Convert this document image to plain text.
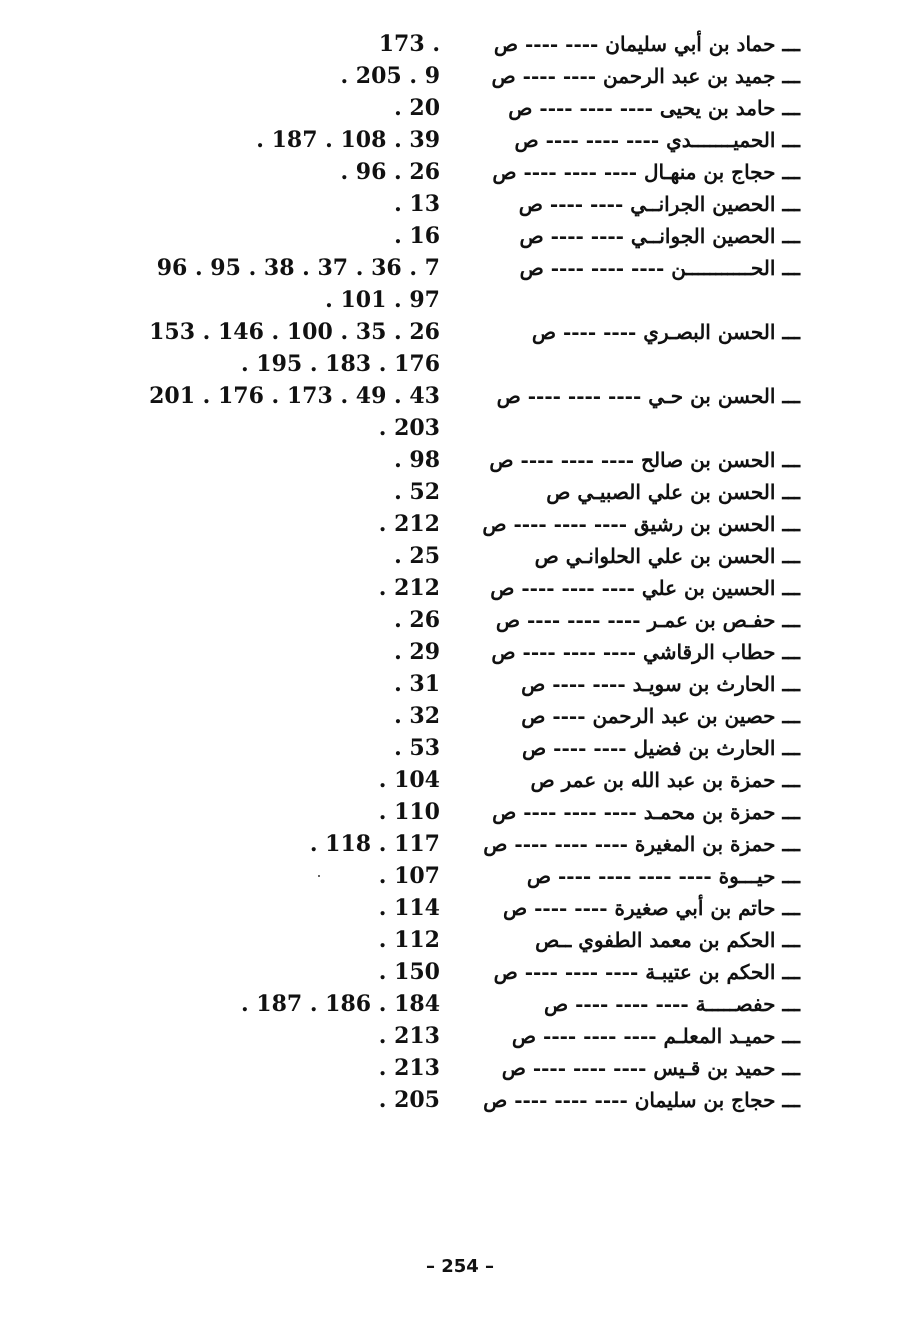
173 .	ـــ حماد بن أبي سليمان ---- ---- ص
. 205 . 9	ـــ جميد بن عبد الرحمن ---- ---- ص
. 20	ـــ حامد بن يحيى ---- ---- ---- ص
. 187 . 108 . 39	ـــ الحميـــــــدي ---- ---- ---- ص
. 96 . 26	ـــ حجاج بن منهـال ---- ---- ---- ص
. 13	ـــ الحصين الجرانــي ---- ---- ص
. 16	ـــ الحصين الجوانــي ---- ---- ص
96 . 95 . 38 . 37 . 36 . 7	ـــ الحـــــــــــن ---- ---- ---- ص
. 101 . 97
153 . 146 . 100 . 35 . 26	ـــ الحسن البصـري ---- ---- ص
. 195 . 183 . 176
201 . 176 . 173 . 49 . 43	ـــ الحسن بن حـي ---- ---- ---- ص
. 203
. 98	ـــ الحسن بن صالح ---- ---- ---- ص
. 52	ـــ الحسن بن علي الصبيـي ص
. 212	ـــ الحسن بن رشيق ---- ---- ---- ص
. 25	ـــ الحسن بن علي الحلوانـي ص
. 212	ـــ الحسين بن علي ---- ---- ---- ص
. 26	ـــ حفـص بن عمـر ---- ---- ---- ص
. 29	ـــ حطاب الرقاشي ---- ---- ---- ص
. 31	ـــ الحارث بن سويـد ---- ---- ص
. 32	ـــ حصين بن عبد الرحمن ---- ص
. 53	ـــ الحارث بن فضيل ---- ---- ص
. 104	ـــ حمزة بن عبد الله بن عمر ص
. 110	ـــ حمزة بن محمـد ---- ---- ---- ص
. 118 . 117	ـــ حمزة بن المغيرة ---- ---- ---- ص
. 107	ـــ حيـــوة ---- ---- ---- ---- ص
. 114	ـــ حاتم بن أبي صغيرة ---- ---- ص
. 112	ـــ الحكم بن معمد الطفوي ــص
. 150	ـــ الحكم بن عتيبـة ---- ---- ---- ص
. 187 . 186 . 184	ـــ حفصـــــة ---- ---- ---- ص
. 213	ـــ حميـد المعلـم ---- ---- ---- ص
. 213	ـــ حميد بن قـيس ---- ---- ---- ص
. 205	ـــ حجاج بن سليمان ---- ---- ---- ص
– 254 –
